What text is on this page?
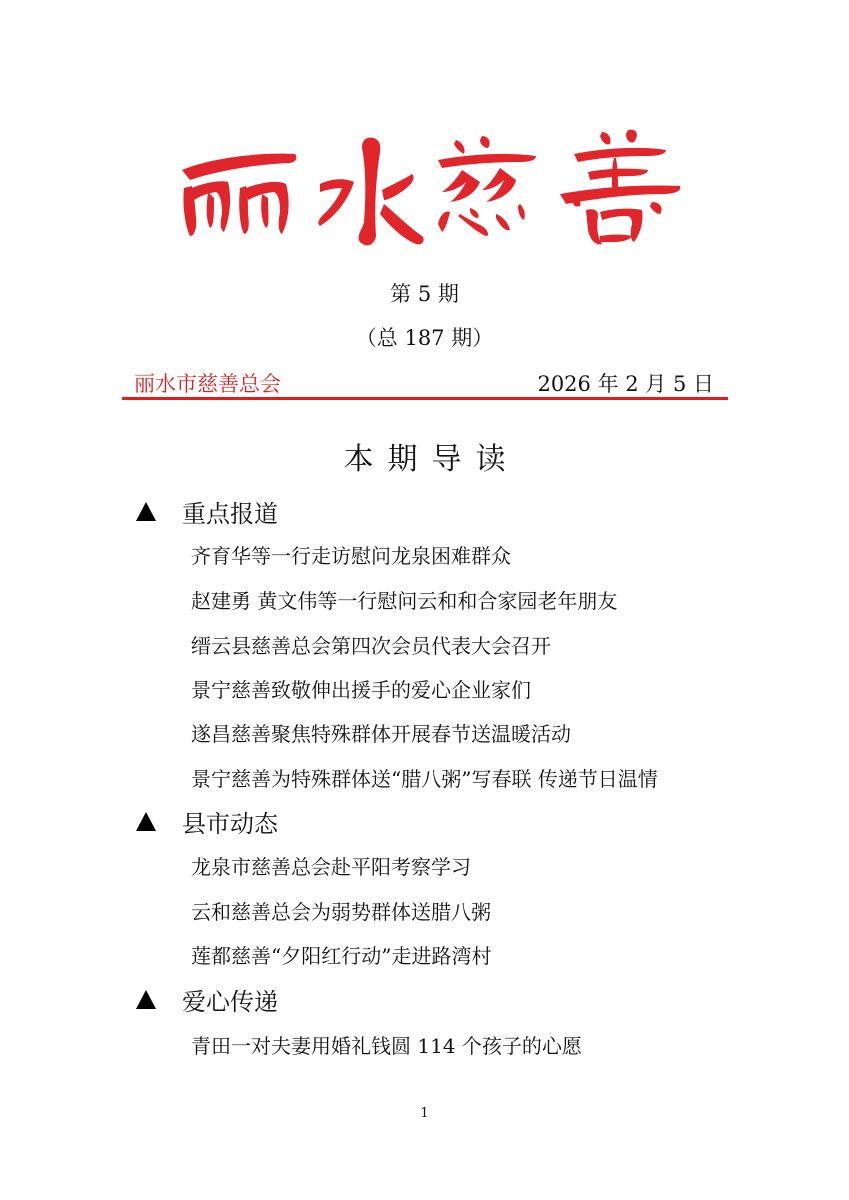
第 5 期
（总 187 期）
丽水市慈善总会	2026 年 2 月 5 日
本期导读
重点报道
齐育华等一行走访慰问龙泉困难群众
赵建勇 黄文伟等一行慰问云和和合家园老年朋友
缙云县慈善总会第四次会员代表大会召开
景宁慈善致敬伸出援手的爱心企业家们
遂昌慈善聚焦特殊群体开展春节送温暖活动
景宁慈善为特殊群体送“腊八粥”写春联 传递节日温情
县市动态
龙泉市慈善总会赴平阳考察学习
云和慈善总会为弱势群体送腊八粥
莲都慈善“夕阳红行动”走进路湾村
爱心传递
青田一对夫妻用婚礼钱圆 114 个孩子的心愿
1
